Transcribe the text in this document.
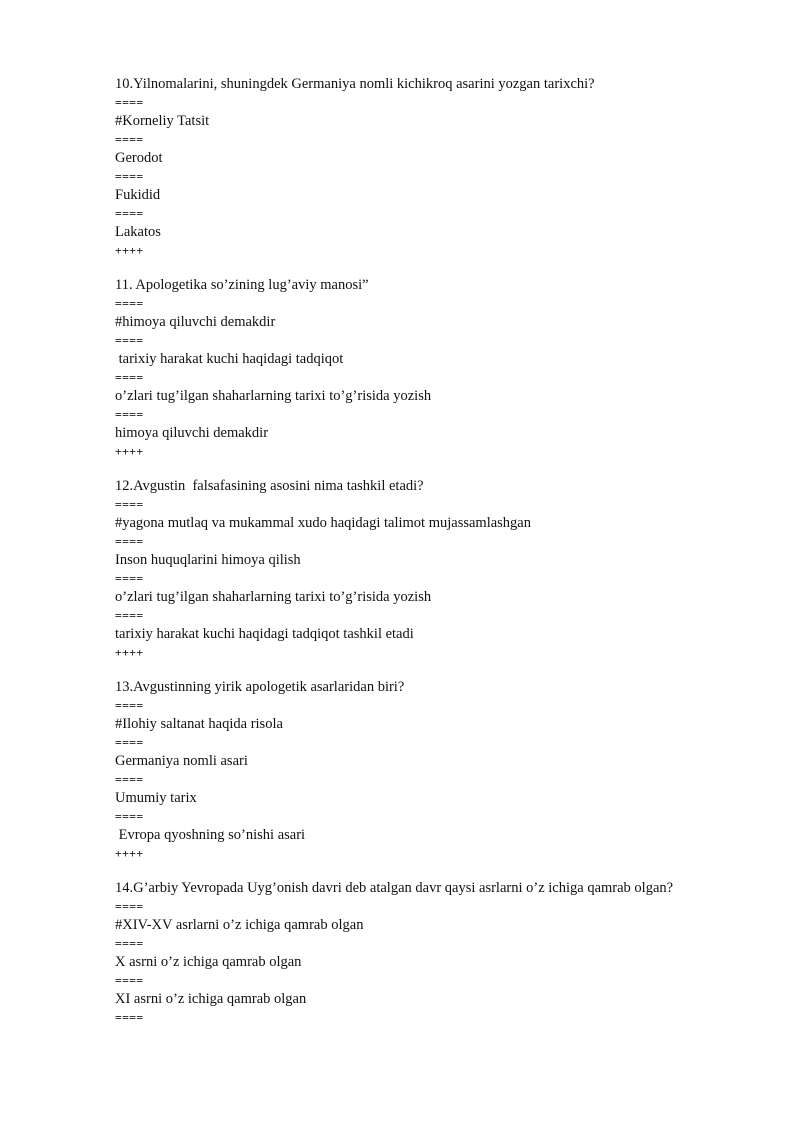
10.Yilnomalarini, shuningdek Germaniya nomli kichikroq asarini yozgan tarixchi?
====
#Korneliy Tatsit
====
Gerodot
====
Fukidid
====
Lakatos
++++
11. Apologetika so’zining lug’aviy manosi”
====
#himoya qiluvchi demakdir
====
tarixiy harakat kuchi haqidagi tadqiqot
====
o’zlari tug’ilgan shaharlarning tarixi to’g’risida yozish
====
himoya qiluvchi demakdir
++++
12.Avgustin  falsafasining asosini nima tashkil etadi?
====
#yagona mutlaq va mukammal xudo haqidagi talimot mujassamlashgan
====
Inson huquqlarini himoya qilish
====
o’zlari tug’ilgan shaharlarning tarixi to’g’risida yozish
====
tarixiy harakat kuchi haqidagi tadqiqot tashkil etadi
++++
13.Avgustinning yirik apologetik asarlaridan biri?
====
#Ilohiy saltanat haqida risola
====
Germaniya nomli asari
====
Umumiy tarix
====
Evropa qyoshning so’nishi asari
++++
14.G’arbiy Yevropada Uyg’onish davri deb atalgan davr qaysi asrlarni o’z ichiga qamrab olgan?
====
#XIV-XV asrlarni o’z ichiga qamrab olgan
====
X asrni o’z ichiga qamrab olgan
====
XI asrni o’z ichiga qamrab olgan
====
